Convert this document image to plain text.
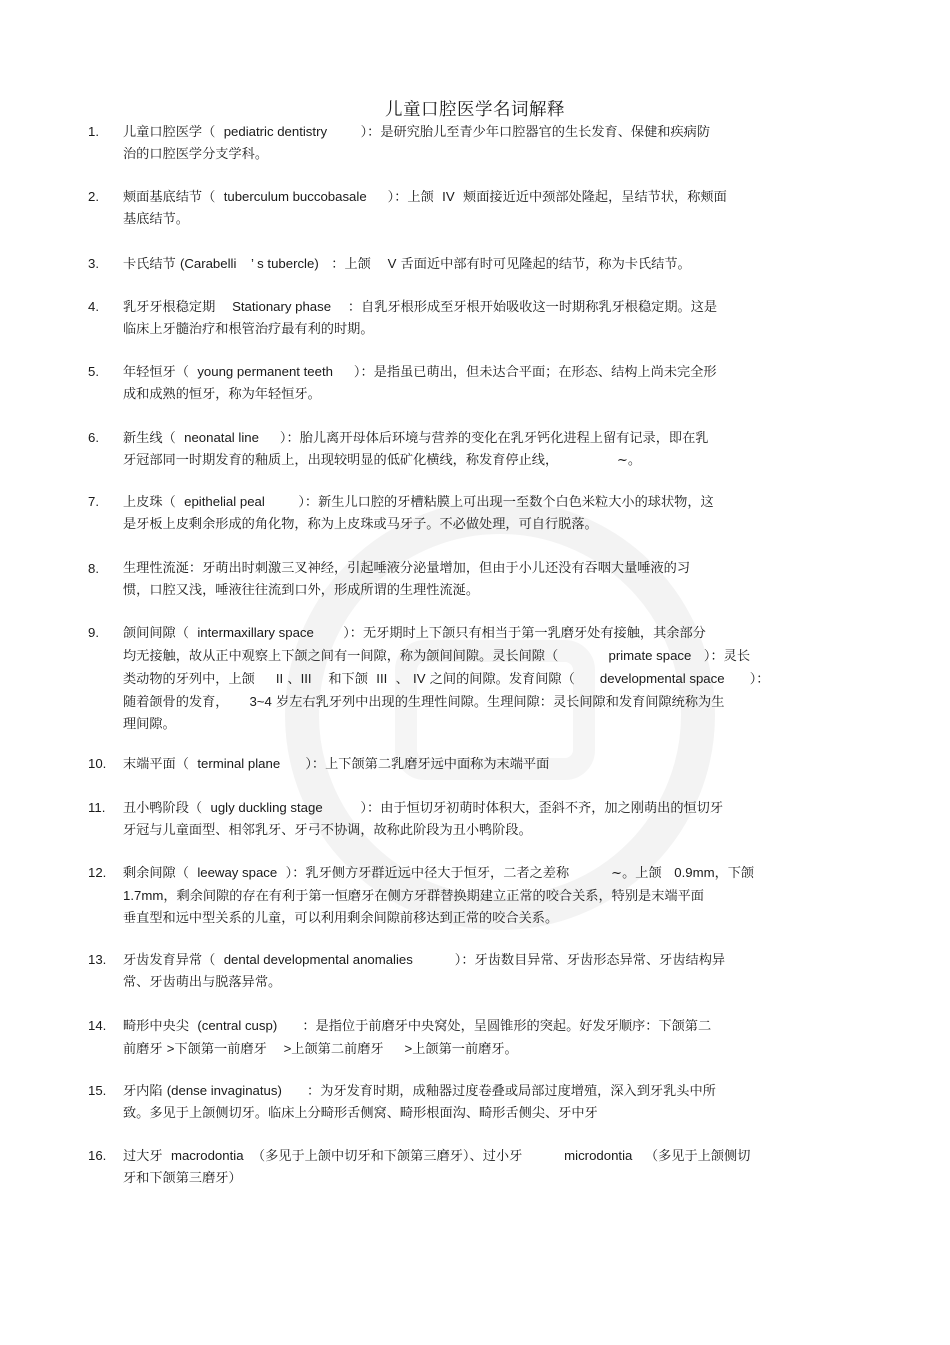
儿童口腔医学名词解释
1. 儿童口腔医学（  pediatric dentistry	）：是研究胎儿至青少年口腔器官的生长发育、保健和疾病防
治的口腔医学分支学科。
2. 颊面基底结节（  tuberculum buccobasale     ）：上颌  IV  颊面接近近中颈部处隆起，呈结节状，称颊面
基底结节。
3. 卡氏结节 (Carabelli    ’ s tubercle)   ：上颌    V 舌面近中部有时可见隆起的结节，称为卡氏结节。
4. 乳牙牙根稳定期    Stationary phase    ：自乳牙根形成至牙根开始吸收这一时期称乳牙根稳定期。这是
临床上牙髓治疗和根管治疗最有利的时期。
5. 年轻恒牙（  young permanent teeth     ）：是指虽已萌出，但未达合平面；在形态、结构上尚未完全形
成和成熟的恒牙，称为年轻恒牙。
6. 新生线（  neonatal line     ）：胎儿离开母体后环境与营养的变化在乳牙钙化进程上留有记录，即在乳
牙冠部同一时期发育的釉质上，出现较明显的低矿化横线，称发育停止线，              ~。
7. 上皮珠（  epithelial peal	）：新生儿口腔的牙槽粘膜上可出现一至数个白色米粒大小的球状物，这
是牙板上皮剩余形成的角化物，称为上皮珠或马牙子。不必做处理，可自行脱落。
8. 生理性流涎：牙萌出时刺激三叉神经，引起唾液分泌量增加，但由于小儿还没有吞咽大量唾液的习
惯，口腔又浅，唾液往往流到口外，形成所谓的生理性流涎。
9. 颌间间隙（  intermaxillary space       ）：无牙期时上下颌只有相当于第一乳磨牙处有接触，其余部分
均无接触，故从正中观察上下颌之间有一间隙，称为颌间间隙。灵长间隙（	primate space   ）：灵长
类动物的牙列中，上颌     II 、III    和下颌  III  、 IV 之间的间隙。发育间隙（      developmental space      ）：
随着颌骨的发育，     3~4 岁左右乳牙列中出现的生理性间隙。生理间隙：灵长间隙和发育间隙统称为生
理间隙。
10. 末端平面（  terminal plane      ）：上下颌第二乳磨牙远中面称为末端平面
11. 丑小鸭阶段（  ugly duckling stage	）：由于恒切牙初萌时体积大，歪斜不齐，加之刚萌出的恒切牙
牙冠与儿童面型、相邻乳牙、牙弓不协调，故称此阶段为丑小鸭阶段。
12. 剩余间隙（  leeway space  ）：乳牙侧方牙群近远中径大于恒牙，二者之差称          ~。上颌   0.9mm，下颌
1.7mm，剩余间隙的存在有利于第一恒磨牙在侧方牙群替换期建立正常的咬合关系，特别是末端平面
垂直型和远中型关系的儿童，可以利用剩余间隙前移达到正常的咬合关系。
13. 牙齿发育异常（  dental developmental anomalies	）：牙齿数目异常、牙齿形态异常、牙齿结构异
常、牙齿萌出与脱落异常。
14. 畸形中央尖  (central cusp)      ：是指位于前磨牙中央窝处，呈圆锥形的突起。好发牙顺序：下颌第二
前磨牙 >下颌第一前磨牙    >上颌第二前磨牙     >上颌第一前磨牙。
15. 牙内陷 (dense invaginatus)      ：为牙发育时期，成釉器过度卷叠或局部过度增殖，深入到牙乳头中所
致。多见于上颌侧切牙。临床上分畸形舌侧窝、畸形根面沟、畸形舌侧尖、牙中牙
16. 过大牙  macrodontia  （多见于上颌中切牙和下颌第三磨牙）、过小牙          microdontia   （多见于上颌侧切
牙和下颌第三磨牙）
